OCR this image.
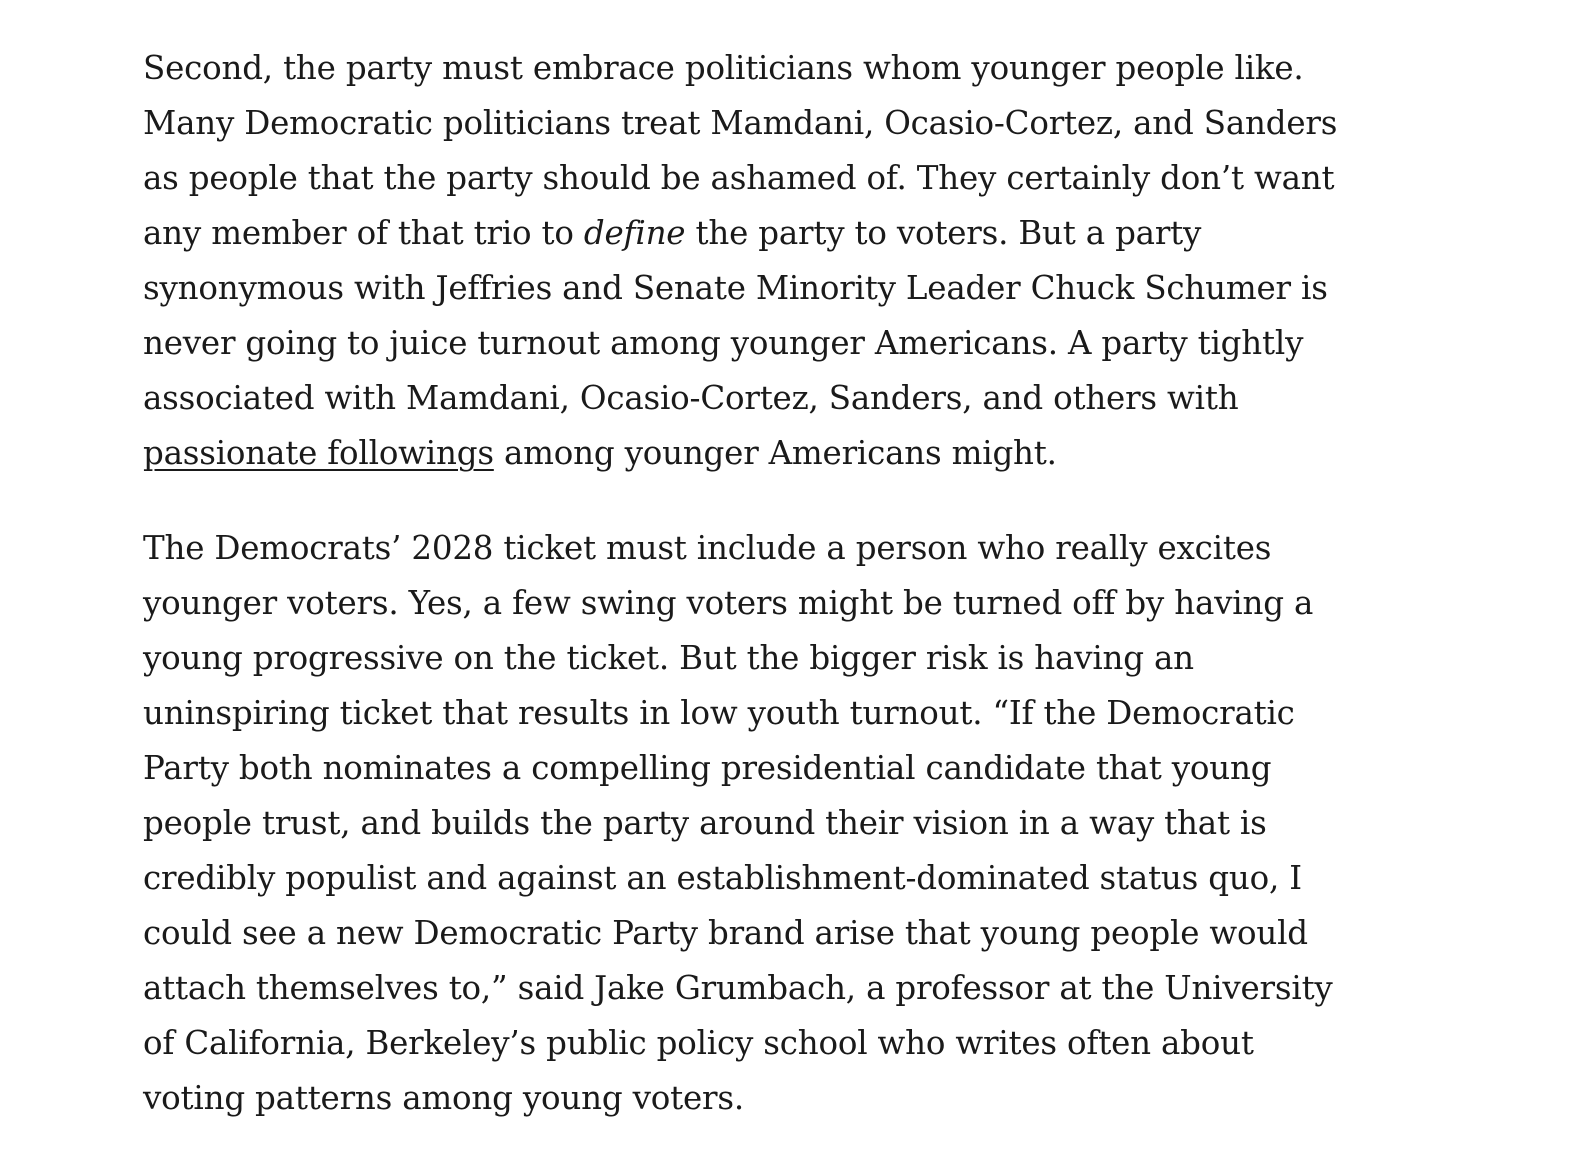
Second, the party must embrace politicians whom younger people like.
Many Democratic politicians treat Mamdani, Ocasio-Cortez, and Sanders
as people that the party should be ashamed of. They certainly don’t want
any member of that trio to define the party to voters. But a party
synonymous with Jeffries and Senate Minority Leader Chuck Schumer is
never going to juice turnout among younger Americans. A party tightly
associated with Mamdani, Ocasio-Cortez, Sanders, and others with
passionate followings among younger Americans might.

The Democrats’ 2028 ticket must include a person who really excites
younger voters. Yes, a few swing voters might be turned off by having a
young progressive on the ticket. But the bigger risk is having an
uninspiring ticket that results in low youth turnout. “If the Democratic
Party both nominates a compelling presidential candidate that young
people trust, and builds the party around their vision in a way that is
credibly populist and against an establishment-dominated status quo, I
could see a new Democratic Party brand arise that young people would
attach themselves to,” said Jake Grumbach, a professor at the University
of California, Berkeley’s public policy school who writes often about
voting patterns among young voters.
